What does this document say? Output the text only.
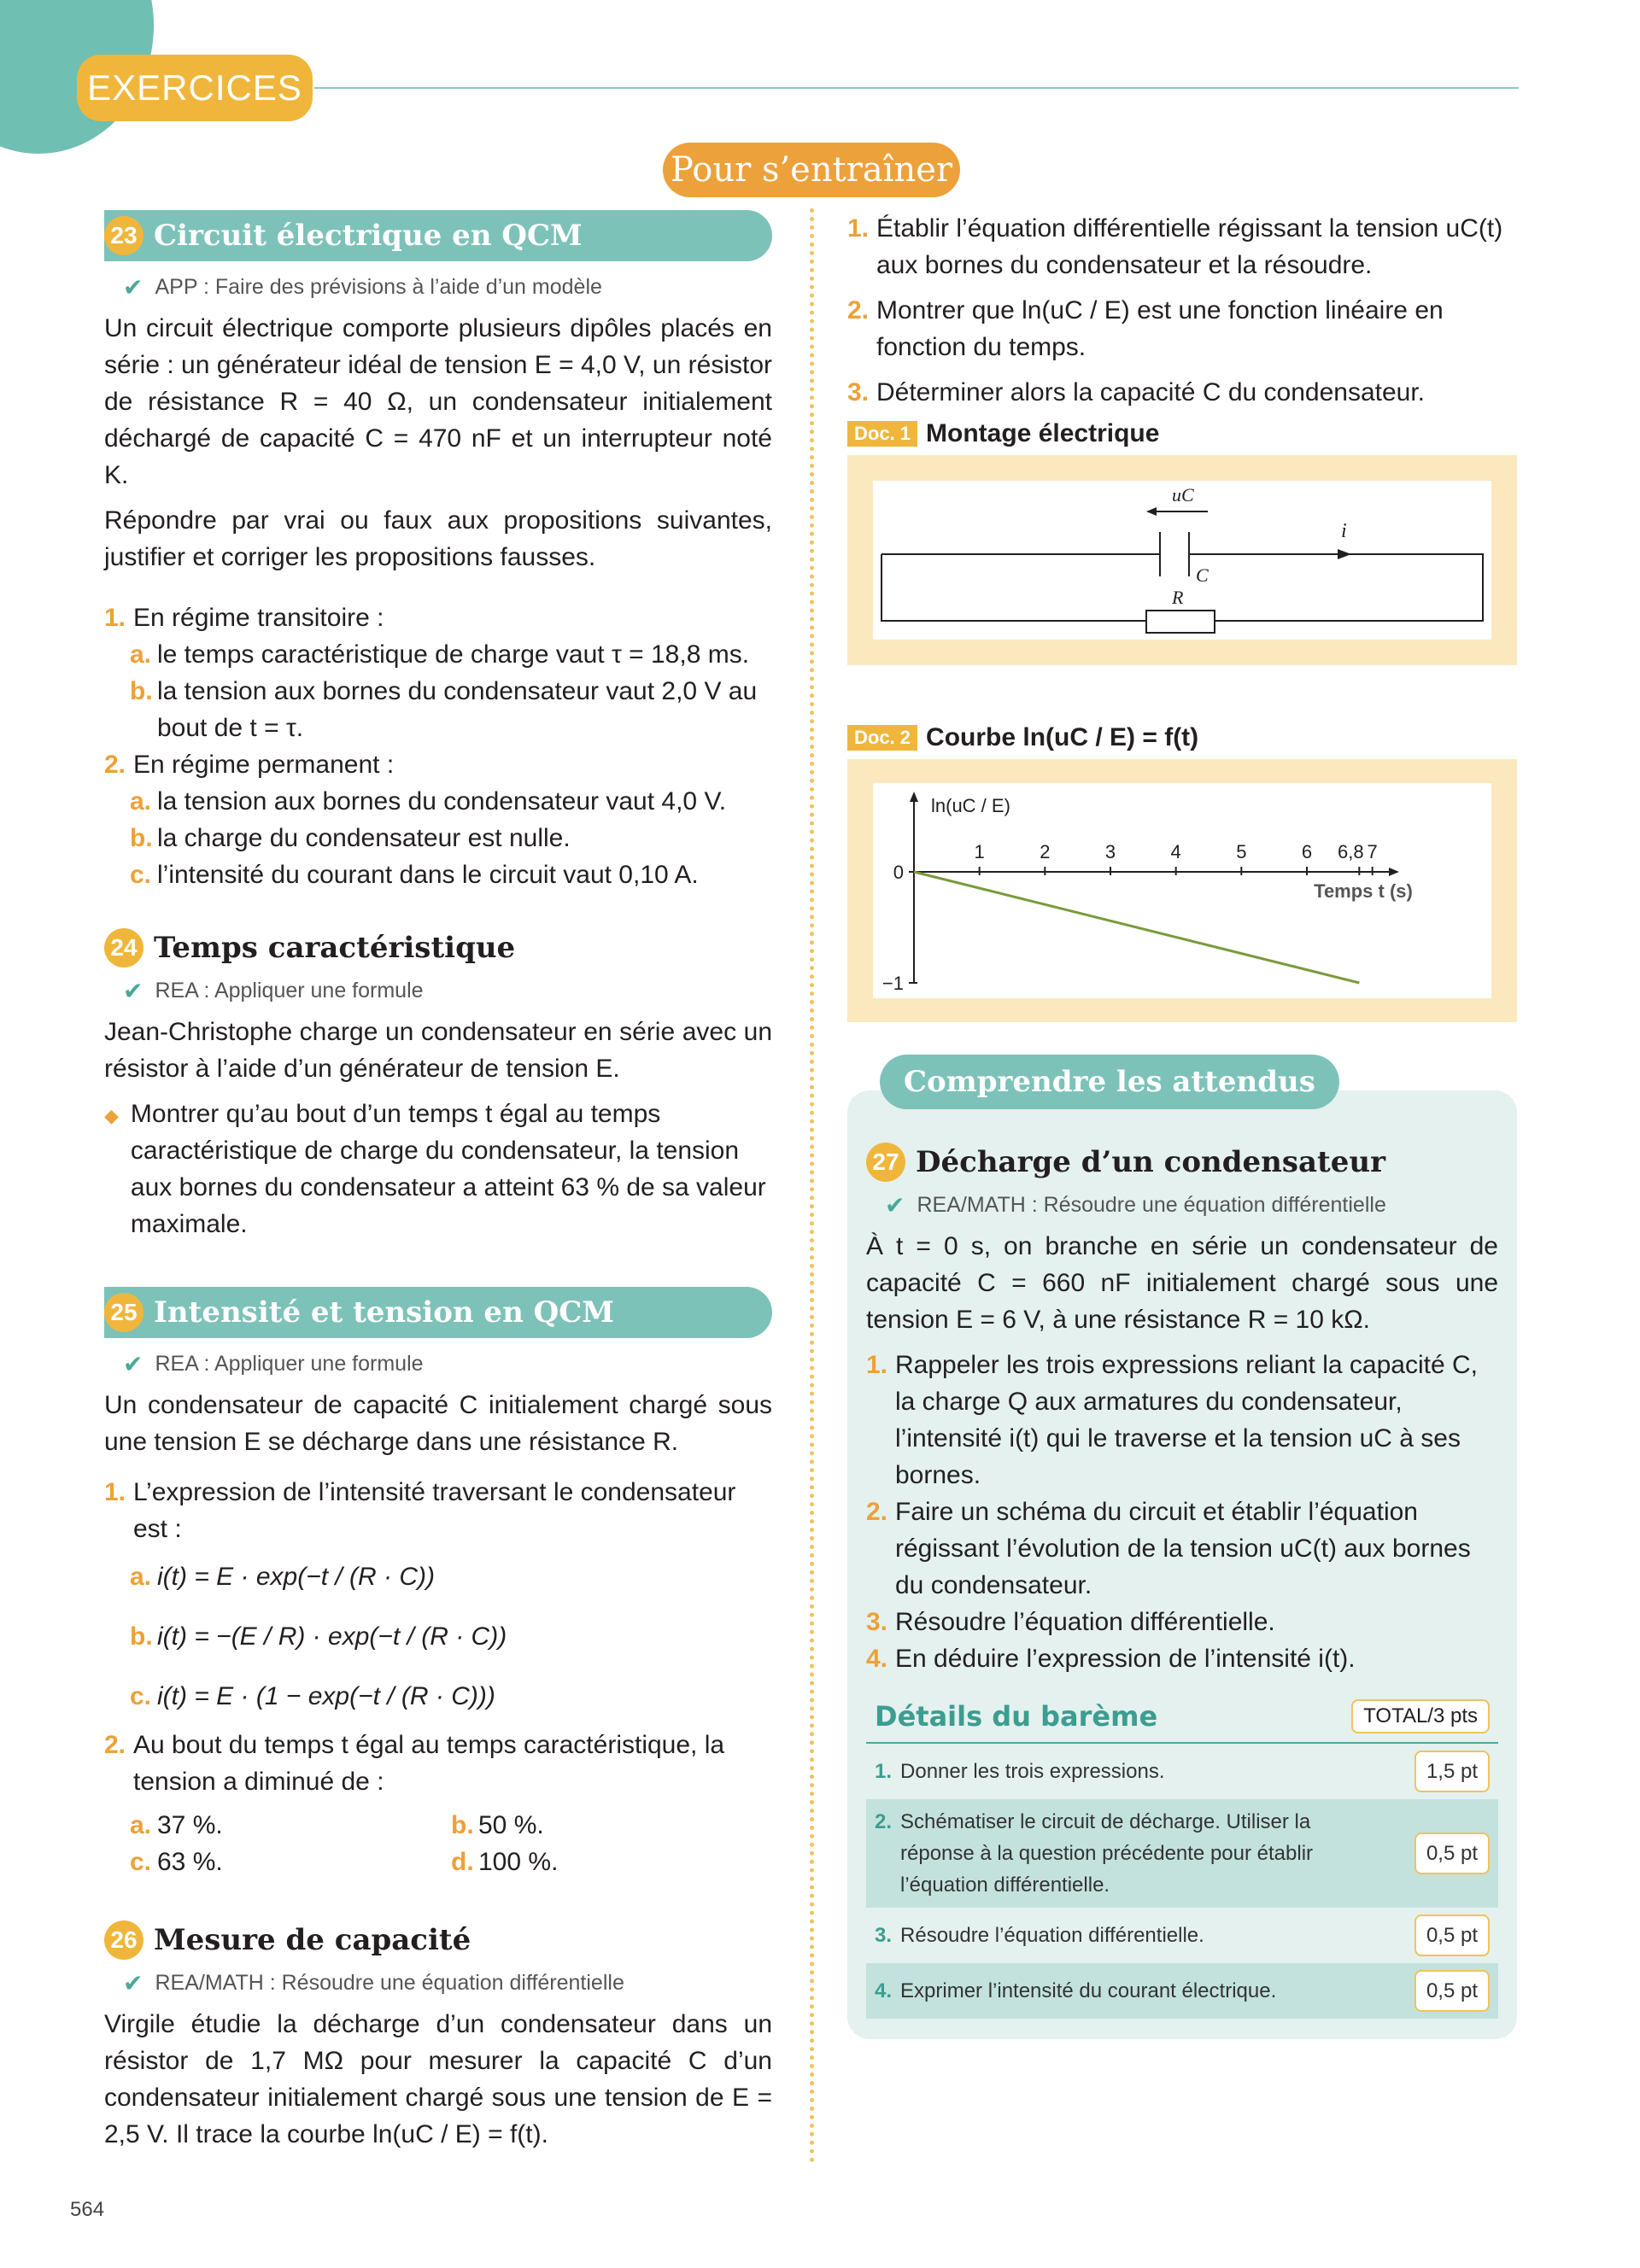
EXERCICES
Pour s’entraîner
23 Circuit électrique en QCM
✔ APP : Faire des prévisions à l’aide d’un modèle

Un circuit électrique comporte plusieurs dipôles placés en série : un générateur idéal de tension E = 4,0 V, un résistor de résistance R = 40 Ω, un condensateur initialement déchargé de capacité C = 470 nF et un interrupteur noté K.

Répondre par vrai ou faux aux propositions suivantes, justifier et corriger les propositions fausses.

1. En régime transitoire :
a. le temps caractéristique de charge vaut τ = 18,8 ms.
b. la tension aux bornes du condensateur vaut 2,0 V au bout de t = τ.
2. En régime permanent :
a. la tension aux bornes du condensateur vaut 4,0 V.
b. la charge du condensateur est nulle.
c. l’intensité du courant dans le circuit vaut 0,10 A.
24 Temps caractéristique
✔ REA : Appliquer une formule

Jean-Christophe charge un condensateur en série avec un résistor à l’aide d’un générateur de tension E.

◆ Montrer qu’au bout d’un temps t égal au temps caractéristique de charge du condensateur, la tension aux bornes du condensateur a atteint 63 % de sa valeur maximale.
25 Intensité et tension en QCM
✔ REA : Appliquer une formule

Un condensateur de capacité C initialement chargé sous une tension E se décharge dans une résistance R.

1. L’expression de l’intensité traversant le condensateur est :
a. i(t) = E · exp(−t / (R · C))
b. i(t) = −(E / R) · exp(−t / (R · C))
c. i(t) = E · (1 − exp(−t / (R · C)))
2. Au bout du temps t égal au temps caractéristique, la tension a diminué de :
a. 37 %.	b. 50 %.
c. 63 %.	d. 100 %.
26 Mesure de capacité
✔ REA/MATH : Résoudre une équation différentielle

Virgile étudie la décharge d’un condensateur dans un résistor de 1,7 MΩ pour mesurer la capacité C d’un condensateur initialement chargé sous une tension de E = 2,5 V. Il trace la courbe ln(uC / E) = f(t).

1. Établir l’équation différentielle régissant la tension uC(t) aux bornes du condensateur et la résoudre.
2. Montrer que ln(uC / E) est une fonction linéaire en fonction du temps.
3. Déterminer alors la capacité C du condensateur.
Doc. 1 Montage électrique
uC
i
C
R
Doc. 2 Courbe ln(uC / E) = f(t)
ln(uC / E)
Temps t (s)
1	2	3	4	5	6 6,8 7
0
−1
Comprendre les attendus
27 Décharge d’un condensateur
✔ REA/MATH : Résoudre une équation différentielle

À t = 0 s, on branche en série un condensateur de capacité C = 660 nF initialement chargé sous une tension E = 6 V, à une résistance R = 10 kΩ.

1. Rappeler les trois expressions reliant la capacité C, la charge Q aux armatures du condensateur, l’intensité i(t) qui le traverse et la tension uC à ses bornes.
2. Faire un schéma du circuit et établir l’équation régissant l’évolution de la tension uC(t) aux bornes du condensateur.
3. Résoudre l’équation différentielle.
4. En déduire l’expression de l’intensité i(t).
Détails du barème	TOTAL/3 pts
1. Donner les trois expressions.	1,5 pt
2. Schématiser le circuit de décharge. Utiliser la réponse à la question précédente pour établir l’équation différentielle.
0,5 pt
3. Résoudre l’équation différentielle.	0,5 pt
4. Exprimer l’intensité du courant électrique.	0,5 pt
564
